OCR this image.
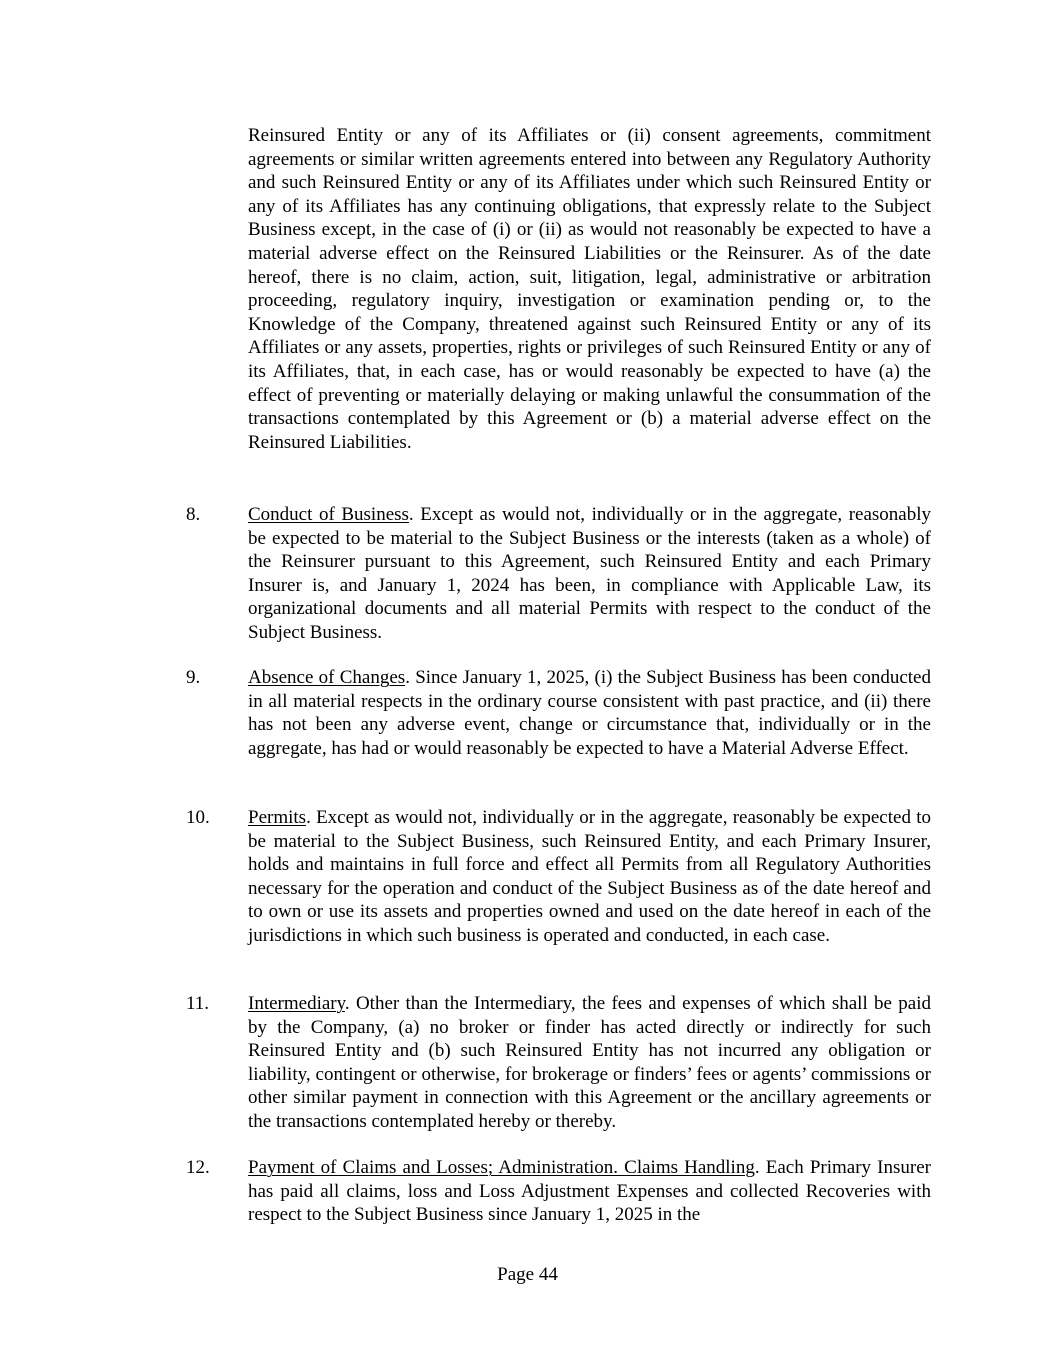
Reinsured Entity or any of its Affiliates or (ii) consent agreements, commitment agreements or similar written agreements entered into between any Regulatory Authority and such Reinsured Entity or any of its Affiliates under which such Reinsured Entity or any of its Affiliates has any continuing obligations, that expressly relate to the Subject Business except, in the case of (i) or (ii) as would not reasonably be expected to have a material adverse effect on the Reinsured Liabilities or the Reinsurer. As of the date hereof, there is no claim, action, suit, litigation, legal, administrative or arbitration proceeding, regulatory inquiry, investigation or examination pending or, to the Knowledge of the Company, threatened against such Reinsured Entity or any of its Affiliates or any assets, properties, rights or privileges of such Reinsured Entity or any of its Affiliates, that, in each case, has or would reasonably be expected to have (a) the effect of preventing or materially delaying or making unlawful the consummation of the transactions contemplated by this Agreement or (b) a material adverse effect on the Reinsured Liabilities.

8.	Conduct of Business. Except as would not, individually or in the aggregate, reasonably be expected to be material to the Subject Business or the interests (taken as a whole) of the Reinsurer pursuant to this Agreement, such Reinsured Entity and each Primary Insurer is, and January 1, 2024 has been, in compliance with Applicable Law, its organizational documents and all material Permits with respect to the conduct of the Subject Business.

9.	Absence of Changes. Since January 1, 2025, (i) the Subject Business has been conducted in all material respects in the ordinary course consistent with past practice, and (ii) there has not been any adverse event, change or circumstance that, individually or in the aggregate, has had or would reasonably be expected to have a Material Adverse Effect.

10. Permits. Except as would not, individually or in the aggregate, reasonably be expected to be material to the Subject Business, such Reinsured Entity, and each Primary Insurer, holds and maintains in full force and effect all Permits from all Regulatory Authorities necessary for the operation and conduct of the Subject Business as of the date hereof and to own or use its assets and properties owned and used on the date hereof in each of the jurisdictions in which such business is operated and conducted, in each case.

11. Intermediary. Other than the Intermediary, the fees and expenses of which shall be paid by the Company, (a) no broker or finder has acted directly or indirectly for such Reinsured Entity and (b) such Reinsured Entity has not incurred any obligation or liability, contingent or otherwise, for brokerage or finders’ fees or agents’ commissions or other similar payment in connection with this Agreement or the ancillary agreements or the transactions contemplated hereby or thereby.

12. Payment of Claims and Losses; Administration. Claims Handling. Each Primary Insurer has paid all claims, loss and Loss Adjustment Expenses and collected Recoveries with respect to the Subject Business since January 1, 2025 in the

Page 44
